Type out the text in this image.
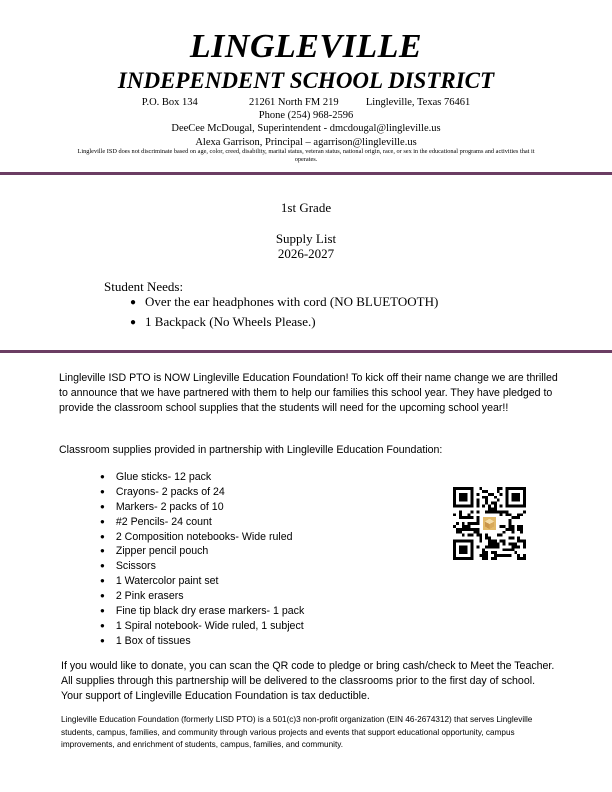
LINGLEVILLE
INDEPENDENT SCHOOL DISTRICT
P.O. Box 134	21261 North FM 219	Lingleville, Texas 76461
Phone (254) 968-2596
DeeCee McDougal, Superintendent - dmcdougal@lingleville.us
Alexa Garrison, Principal – agarrison@lingleville.us
Lingleville ISD does not discriminate based on age, color, creed, disability, marital status, veteran status, national origin, race, or sex in the educational programs and activities that it operates.
1st Grade
Supply List
2026-2027
Student Needs:
● Over the ear headphones with cord (NO BLUETOOTH)
● 1 Backpack (No Wheels Please.)
Lingleville ISD PTO is NOW Lingleville Education Foundation! To kick off their name change we are thrilled to announce that we have partnered with them to help our families this school year. They have pledged to provide the classroom school supplies that the students will need for the upcoming school year!!
Classroom supplies provided in partnership with Lingleville Education Foundation:
● Glue sticks- 12 pack
● Crayons- 2 packs of 24
● Markers- 2 packs of 10
● #2 Pencils- 24 count
● 2 Composition notebooks- Wide ruled
● Zipper pencil pouch
● Scissors
● 1 Watercolor paint set
● 2 Pink erasers
● Fine tip black dry erase markers- 1 pack
● 1 Spiral notebook- Wide ruled, 1 subject
● 1 Box of tissues
If you would like to donate, you can scan the QR code to pledge or bring cash/check to Meet the Teacher. All supplies through this partnership will be delivered to the classrooms prior to the first day of school. Your support of Lingleville Education Foundation is tax deductible.
Lingleville Education Foundation (formerly LISD PTO) is a 501(c)3 non-profit organization (EIN 46-2674312) that serves Lingleville students, campus, families, and community through various projects and events that support educational opportunity, campus improvements, and enrichment of students, campus, families, and community.
